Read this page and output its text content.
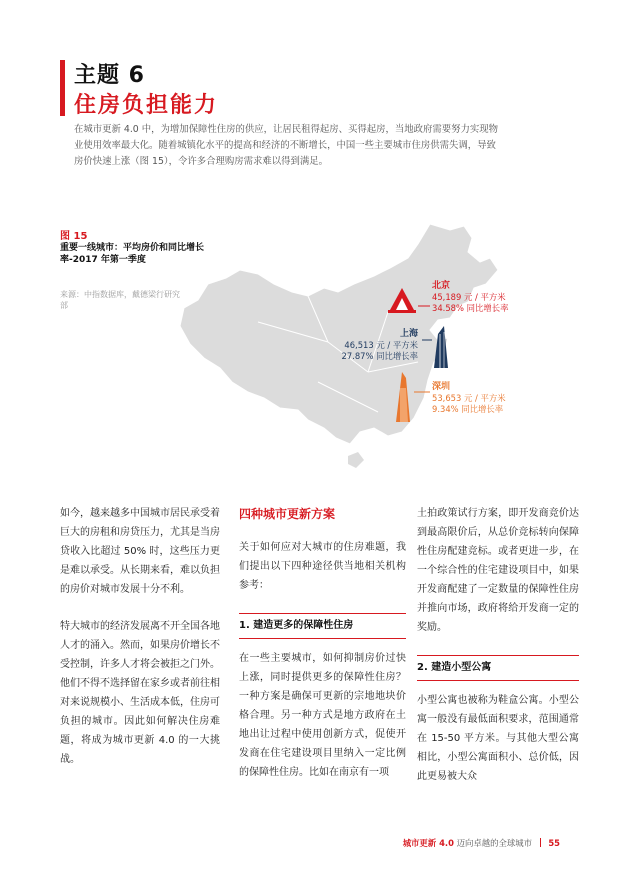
主题 6
住房负担能力
在城市更新 4.0 中，为增加保障性住房的供应，让居民租得起房、买得起房，当地政府需要努力实现物业使用效率最大化。随着城镇化水平的提高和经济的不断增长，中国一些主要城市住房供需失调，导致房价快速上涨（图 15），令许多合理购房需求难以得到满足。
图 15
重要一线城市：平均房价和同比增长率-2017 年第一季度
来源：中指数据库，戴德梁行研究部
北京
45,189 元 / 平方米
34.58% 同比增长率
上海
46,513 元 / 平方米
27.87% 同比增长率
深圳
53,653 元 / 平方米
9.34% 同比增长率

如今，越来越多中国城市居民承受着巨大的房租和房贷压力，尤其是当房贷收入比超过 50% 时，这些压力更是难以承受。从长期来看，难以负担的房价对城市发展十分不利。

特大城市的经济发展离不开全国各地人才的涌入。然而，如果房价增长不受控制，许多人才将会被拒之门外。他们不得不选择留在家乡或者前往相对来说规模小、生活成本低，住房可负担的城市。因此如何解决住房难题，将成为城市更新 4.0 的一大挑战。

四种城市更新方案

关于如何应对大城市的住房难题，我们提出以下四种途径供当地相关机构参考：

1. 建造更多的保障性住房

在一些主要城市，如何抑制房价过快上涨，同时提供更多的保障性住房？一种方案是确保可更新的宗地地块价格合理。另一种方式是地方政府在土地出让过程中使用创新方式，促使开发商在住宅建设项目里纳入一定比例的保障性住房。比如在南京有一项

土拍政策试行方案，即开发商竞价达到最高限价后，从总价竞标转向保障性住房配建竞标。或者更进一步，在一个综合性的住宅建设项目中，如果开发商配建了一定数量的保障性住房并推向市场，政府将给开发商一定的奖励。

2. 建造小型公寓

小型公寓也被称为鞋盒公寓。小型公寓一般没有最低面积要求，范围通常在 15-50 平方米。与其他大型公寓相比，小型公寓面积小、总价低，因此更易被大众

城市更新 4.0 迈向卓越的全球城市 55
